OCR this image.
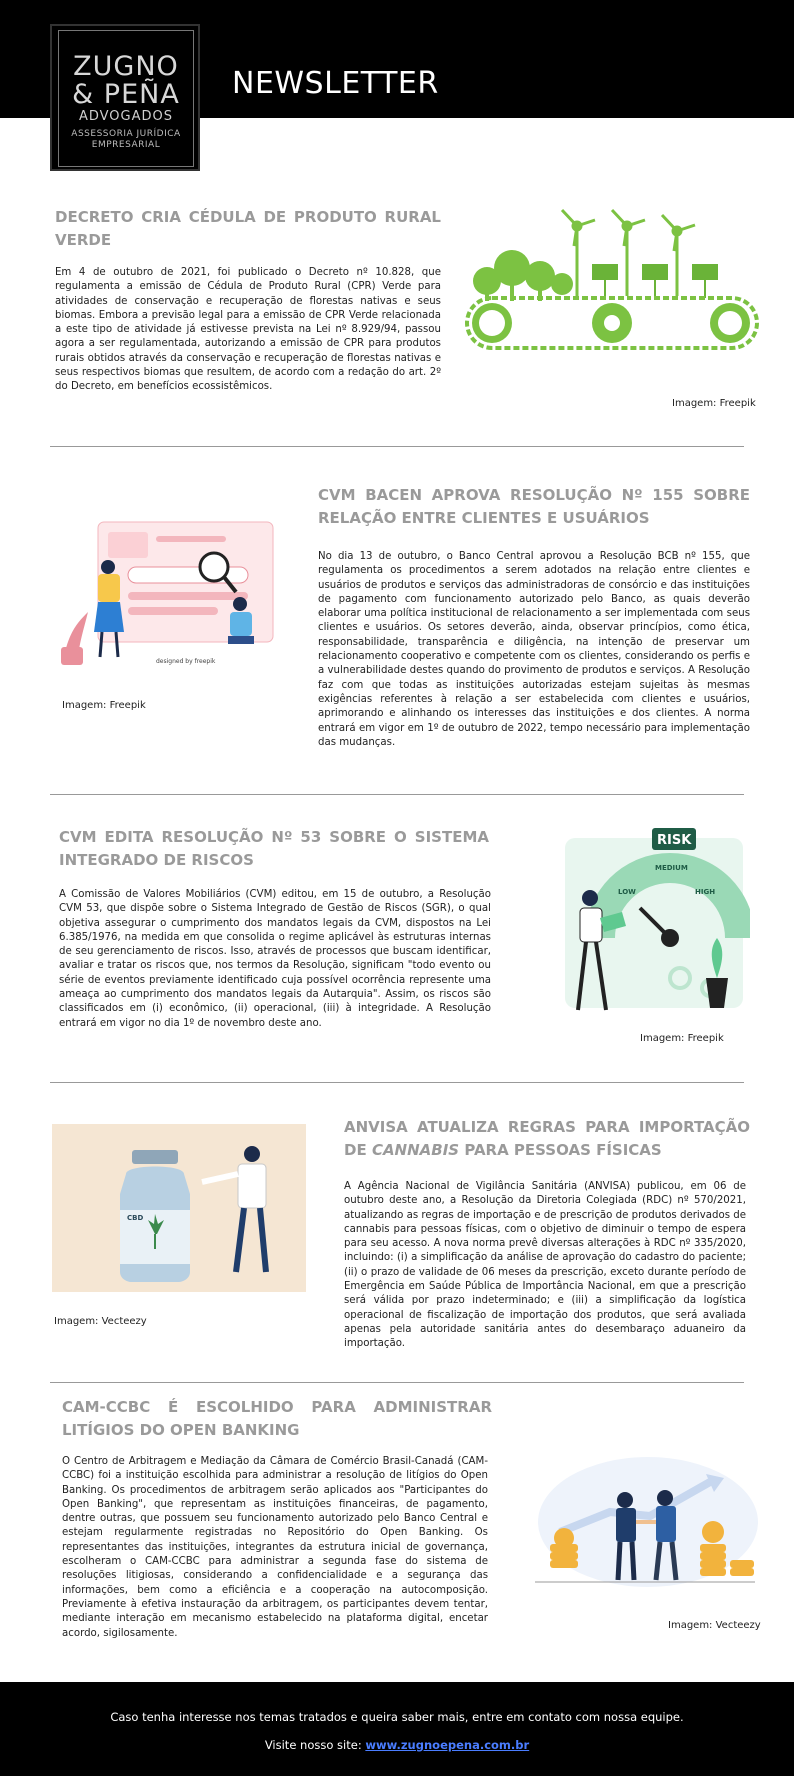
NEWSLETTER
ZUGNO
& PEÑA
ADVOGADOS
ASSESSORIA JURÍDICA
EMPRESARIAL
DECRETO CRIA CÉDULA DE PRODUTO RURAL VERDE
Em 4 de outubro de 2021, foi publicado o Decreto nº 10.828, que regulamenta a emissão de Cédula de Produto Rural (CPR) Verde para atividades de conservação e recuperação de florestas nativas e seus biomas. Embora a previsão legal para a emissão de CPR Verde relacionada a este tipo de atividade já estivesse prevista na Lei nº 8.929/94, passou agora a ser regulamentada, autorizando a emissão de CPR para produtos rurais obtidos através da conservação e recuperação de florestas nativas e seus respectivos biomas que resultem, de acordo com a redação do art. 2º do Decreto, em benefícios ecossistêmicos.
Imagem: Freepik
designed by freepik
Imagem: Freepik
CVM BACEN APROVA RESOLUÇÃO Nº 155 SOBRE RELAÇÃO ENTRE CLIENTES E USUÁRIOS
No dia 13 de outubro, o Banco Central aprovou a Resolução BCB nº 155, que regulamenta os procedimentos a serem adotados na relação entre clientes e usuários de produtos e serviços das administradoras de consórcio e das instituições de pagamento com funcionamento autorizado pelo Banco, as quais deverão elaborar uma política institucional de relacionamento a ser implementada com seus clientes e usuários. Os setores deverão, ainda, observar princípios, como ética, responsabilidade, transparência e diligência, na intenção de preservar um relacionamento cooperativo e competente com os clientes, considerando os perfis e a vulnerabilidade destes quando do provimento de produtos e serviços. A Resolução faz com que todas as instituições autorizadas estejam sujeitas às mesmas exigências referentes à relação a ser estabelecida com clientes e usuários, aprimorando e alinhando os interesses das instituições e dos clientes. A norma entrará em vigor em 1º de outubro de 2022, tempo necessário para implementação das mudanças.
CVM EDITA RESOLUÇÃO Nº 53 SOBRE O SISTEMA INTEGRADO DE RISCOS
A Comissão de Valores Mobiliários (CVM) editou, em 15 de outubro, a Resolução CVM 53, que dispõe sobre o Sistema Integrado de Gestão de Riscos (SGR), o qual objetiva assegurar o cumprimento dos mandatos legais da CVM, dispostos na Lei 6.385/1976, na medida em que consolida o regime aplicável às estruturas internas de seu gerenciamento de riscos. Isso, através de processos que buscam identificar, avaliar e tratar os riscos que, nos termos da Resolução, significam "todo evento ou série de eventos previamente identificado cuja possível ocorrência represente uma ameaça ao cumprimento dos mandatos legais da Autarquia". Assim, os riscos são classificados em (i) econômico, (ii) operacional, (iii) à integridade. A Resolução entrará em vigor no dia 1º de novembro deste ano.
RISK
MEDIUM
LOW	HIGH
Imagem: Freepik
CBD
Imagem: Vecteezy
ANVISA ATUALIZA REGRAS PARA IMPORTAÇÃO DE CANNABIS PARA PESSOAS FÍSICAS
A Agência Nacional de Vigilância Sanitária (ANVISA) publicou, em 06 de outubro deste ano, a Resolução da Diretoria Colegiada (RDC) nº 570/2021, atualizando as regras de importação e de prescrição de produtos derivados de cannabis para pessoas físicas, com o objetivo de diminuir o tempo de espera para seu acesso. A nova norma prevê diversas alterações à RDC nº 335/2020, incluindo: (i) a simplificação da análise de aprovação do cadastro do paciente; (ii) o prazo de validade de 06 meses da prescrição, exceto durante período de Emergência em Saúde Pública de Importância Nacional, em que a prescrição será válida por prazo indeterminado; e (iii) a simplificação da logística operacional de fiscalização de importação dos produtos, que será avaliada apenas pela autoridade sanitária antes do desembaraço aduaneiro da importação.
CAM-CCBC É ESCOLHIDO PARA ADMINISTRAR LITÍGIOS DO OPEN BANKING
O Centro de Arbitragem e Mediação da Câmara de Comércio Brasil-Canadá (CAM-CCBC) foi a instituição escolhida para administrar a resolução de litígios do Open Banking. Os procedimentos de arbitragem serão aplicados aos "Participantes do Open Banking", que representam as instituições financeiras, de pagamento, dentre outras, que possuem seu funcionamento autorizado pelo Banco Central e estejam regularmente registradas no Repositório do Open Banking. Os representantes das instituições, integrantes da estrutura inicial de governança, escolheram o CAM-CCBC para administrar a segunda fase do sistema de resoluções litigiosas, considerando a confidencialidade e a segurança das informações, bem como a eficiência e a cooperação na autocomposição. Previamente à efetiva instauração da arbitragem, os participantes devem tentar, mediante interação em mecanismo estabelecido na plataforma digital, encetar acordo, sigilosamente.
Imagem: Vecteezy
Caso tenha interesse nos temas tratados e queira saber mais, entre em contato com nossa equipe.
Visite nosso site: www.zugnoepena.com.br
